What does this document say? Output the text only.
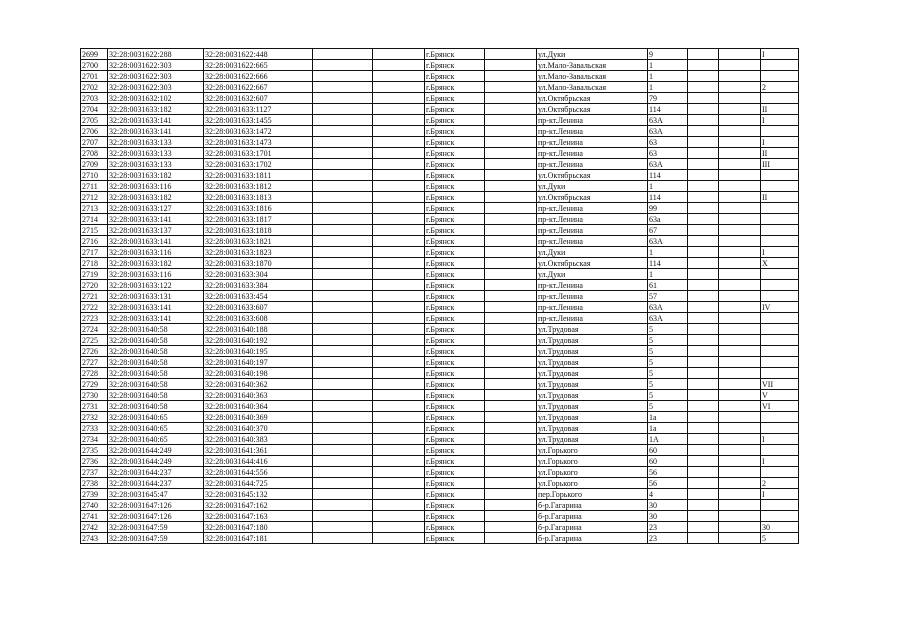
2699	32:28:0031622:288	32:28:0031622:448			г.Брянск		ул.Дуки	9			I
2700	32:28:0031622:303	32:28:0031622:665			г.Брянск		ул.Мало-Завальская	1			
2701	32:28:0031622:303	32:28:0031622:666			г.Брянск		ул.Мало-Завальская	1			
2702	32:28:0031622:303	32:28:0031622:667			г.Брянск		ул.Мало-Завальская	1			2
2703	32:28:0031632:102	32:28:0031632:607			г.Брянск		ул.Октябрьская	79			
2704	32:28:0031633:182	32:28:0031633:1127			г.Брянск		ул.Октябрьская	114			II
2705	32:28:0031633:141	32:28:0031633:1455			г.Брянск		пр-кт.Ленина	63А			I
2706	32:28:0031633:141	32:28:0031633:1472			г.Брянск		пр-кт.Ленина	63А			
2707	32:28:0031633:133	32:28:0031633:1473			г.Брянск		пр-кт.Ленина	63			I
2708	32:28:0031633:133	32:28:0031633:1701			г.Брянск		пр-кт.Ленина	63			II
2709	32:28:0031633:133	32:28:0031633:1702			г.Брянск		пр-кт.Ленина	63А			III
2710	32:28:0031633:182	32:28:0031633:1811			г.Брянск		ул.Октябрьская	114			
2711	32:28:0031633:116	32:28:0031633:1812			г.Брянск		ул.Дуки	1			
2712	32:28:0031633:182	32:28:0031633:1813			г.Брянск		ул.Октябрьская	114			II
2713	32:28:0031633:127	32:28:0031633:1816			г.Брянск		пр-кт.Ленина	99			
2714	32:28:0031633:141	32:28:0031633:1817			г.Брянск		пр-кт.Ленина	63а			
2715	32:28:0031633:137	32:28:0031633:1818			г.Брянск		пр-кт.Ленина	67			
2716	32:28:0031633:141	32:28:0031633:1821			г.Брянск		пр-кт.Ленина	63А			
2717	32:28:0031633:116	32:28:0031633:1823			г.Брянск		ул.Дуки	1			I
2718	32:28:0031633:182	32:28:0031633:1870			г.Брянск		ул.Октябрьская	114			X
2719	32:28:0031633:116	32:28:0031633:304			г.Брянск		ул.Дуки	1			
2720	32:28:0031633:122	32:28:0031633:384			г.Брянск		пр-кт.Ленина	61			
2721	32:28:0031633:131	32:28:0031633:454			г.Брянск		пр-кт.Ленина	57			
2722	32:28:0031633:141	32:28:0031633:607			г.Брянск		пр-кт.Ленина	63А			IV
2723	32:28:0031633:141	32:28:0031633:608			г.Брянск		пр-кт.Ленина	63А			
2724	32:28:0031640:58	32:28:0031640:188			г.Брянск		ул.Трудовая	5			
2725	32:28:0031640:58	32:28:0031640:192			г.Брянск		ул.Трудовая	5			
2726	32:28:0031640:58	32:28:0031640:195			г.Брянск		ул.Трудовая	5			
2727	32:28:0031640:58	32:28:0031640:197			г.Брянск		ул.Трудовая	5			
2728	32:28:0031640:58	32:28:0031640:198			г.Брянск		ул.Трудовая	5			
2729	32:28:0031640:58	32:28:0031640:362			г.Брянск		ул.Трудовая	5			VII
2730	32:28:0031640:58	32:28:0031640:363			г.Брянск		ул.Трудовая	5			V
2731	32:28:0031640:58	32:28:0031640:364			г.Брянск		ул.Трудовая	5			VI
2732	32:28:0031640:65	32:28:0031640:369			г.Брянск		ул.Трудовая	1а			
2733	32:28:0031640:65	32:28:0031640:370			г.Брянск		ул.Трудовая	1а			
2734	32:28:0031640:65	32:28:0031640:383			г.Брянск		ул.Трудовая	1А			I
2735	32:28:0031644:249	32:28:0031641:361			г.Брянск		ул.Горького	60			
2736	32:28:0031644:249	32:28:0031644:416			г.Брянск		ул.Горького	60			I
2737	32:28:0031644:237	32:28:0031644:556			г.Брянск		ул.Горького	56			
2738	32:28:0031644:237	32:28:0031644:725			г.Брянск		ул.Горького	56			2
2739	32:28:0031645:47	32:28:0031645:132			г.Брянск		пер.Горького	4			I
2740	32:28:0031647:126	32:28:0031647:162			г.Брянск		б-р.Гагарина	30			
2741	32:28:0031647:126	32:28:0031647:163			г.Брянск		б-р.Гагарина	30			
2742	32:28:0031647:59	32:28:0031647:180			г.Брянск		б-р.Гагарина	23			30
2743	32:28:0031647:59	32:28:0031647:181			г.Брянск		б-р.Гагарина	23			5
